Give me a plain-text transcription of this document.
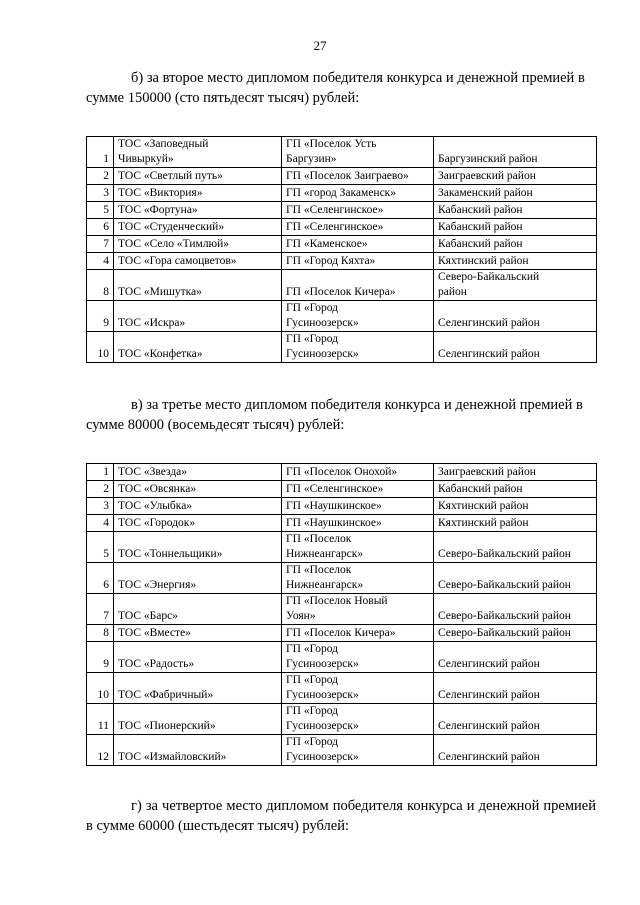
27

б) за второе место дипломом победителя конкурса и денежной премией в сумме 150000 (сто пятьдесят тысяч) рублей:

1	ТОС «Заповедный
Чивыркуй»	ГП «Поселок Усть
Баргузин»	Баргузинский район
2	ТОС «Светлый путь»	ГП «Поселок Заиграево»	Заиграевский район
3	ТОС «Виктория»	ГП «город Закаменск»	Закаменский район
5	ТОС «Фортуна»	ГП «Селенгинское»	Кабанский район
6	ТОС «Студенческий»	ГП «Селенгинское»	Кабанский район
7	ТОС «Село «Тимлюй»	ГП «Каменское»	Кабанский район
4	ТОС «Гора самоцветов»	ГП «Город Кяхта»	Кяхтинский район
8	ТОС «Мишутка»	ГП «Поселок Кичера»	Северо-Байкальский
район
9	ТОС «Искра»	ГП «Город
Гусиноозерск»	Селенгинский район
10	ТОС «Конфетка»	ГП «Город
Гусиноозерск»	Селенгинский район

в) за третье место дипломом победителя конкурса и денежной премией в сумме 80000 (восемьдесят тысяч) рублей:

1	ТОС «Звезда»	ГП «Поселок Онохой»	Заиграевский район
2	ТОС «Овсянка»	ГП «Селенгинское»	Кабанский район
3	ТОС «Улыбка»	ГП «Наушкинское»	Кяхтинский район
4	ТОС «Городок»	ГП «Наушкинское»	Кяхтинский район
5	ТОС «Тоннельщики»	ГП «Поселок
Нижнеангарск»	Северо-Байкальский район
6	ТОС «Энергия»	ГП «Поселок
Нижнеангарск»	Северо-Байкальский район
7	ТОС «Барс»	ГП «Поселок Новый
Уоян»	Северо-Байкальский район
8	ТОС «Вместе»	ГП «Поселок Кичера»	Северо-Байкальский район
9	ТОС «Радость»	ГП «Город
Гусиноозерск»	Селенгинский район
10	ТОС «Фабричный»	ГП «Город
Гусиноозерск»	Селенгинский район
11	ТОС «Пионерский»	ГП «Город
Гусиноозерск»	Селенгинский район
12	ТОС «Измайловский»	ГП «Город
Гусиноозерск»	Селенгинский район

г) за четвертое место дипломом победителя конкурса и денежной премией в сумме 60000 (шестьдесят тысяч) рублей:
